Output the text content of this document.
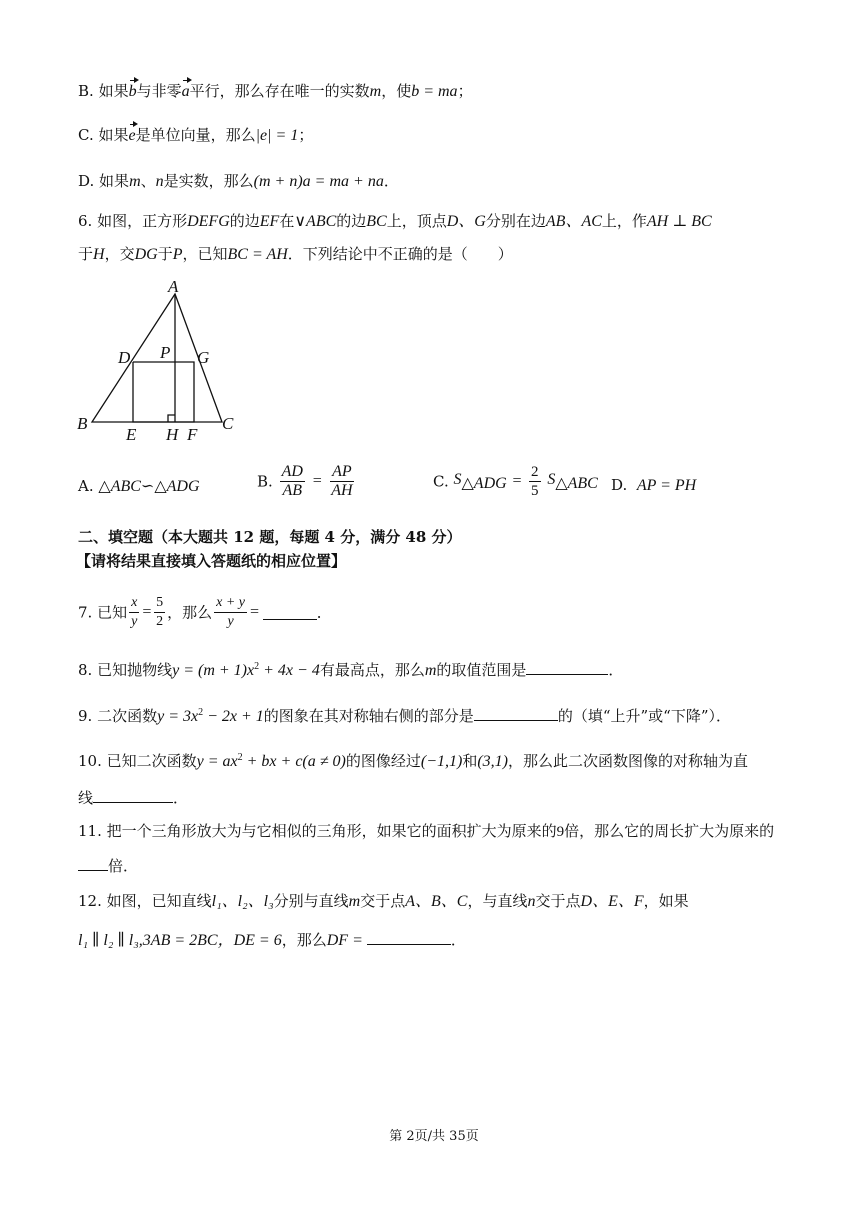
B. 如果b与非零a平行，那么存在唯一的实数m，使b = ma；
C. 如果e是单位向量，那么|e| = 1；
D. 如果m、n是实数，那么(m + n)a = ma + na．
6. 如图，正方形DEFG的边EF在∨ABC的边BC上，顶点D、G分别在边AB、AC上，作AH ⊥ BC
于H，交DG于P，已知BC = AH．下列结论中不正确的是（　　）
A
B	C
D P G
E H F
A. △ABC∽△ADG	B. $\frac{AD}{AB} = \frac{AP}{AH}$	C. $S_{\triangle ADG} = \frac{2}{5} S_{\triangle ABC}$ D. AP = PH
二、填空题（本大题共 12 题，每题 4 分，满分 48 分）
【请将结果直接填入答题纸的相应位置】
7. 已知 $\frac{x}{y} = \frac{5}{2}$ ，那么 $\frac{x + y}{y}$ =	．
8. 已知抛物线$y = (m + 1)x^2 + 4x - 4$有最高点，那么m的取值范围是	．
9. 二次函数$y = 3x^2 - 2x + 1$的图象在其对称轴右侧的部分是	的（填“上升”或“下降”）．
10. 已知二次函数$y = ax^2$ + bx + c(a ≠ 0)的图像经过(−1,1)和(3,1)，那么此二次函数图像的对称轴为直
线	．
11. 把一个三角形放大为与它相似的三角形，如果它的面积扩大为原来的9倍，那么它的周长扩大为原来的
倍．
12. 如图，已知直线l₁、l₂、l₃分别与直线m交于点A、B、C，与直线n交于点D、E、F，如果
l₁ ∥ l₂ ∥ l₃,3AB = 2BC，DE = 6，那么DF =	．
第 2页/共 35页
